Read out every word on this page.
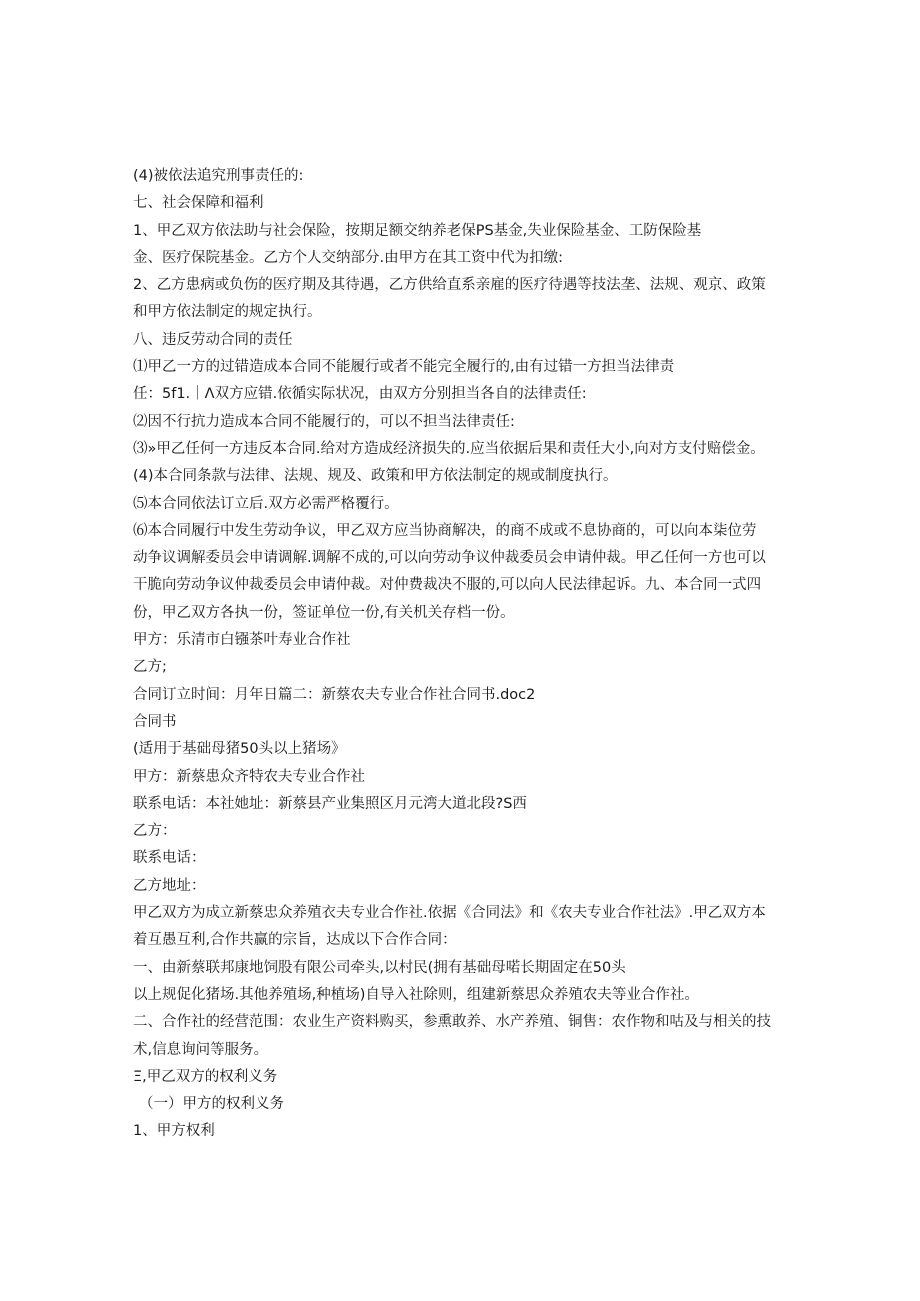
(4)被依法追究刑事责任的:

七、社会保障和福利

1、甲乙双方依法助与社会保险，按期足额交纳养老保PS基金,失业保险基金、工防保险基

金、医疗保院基金。乙方个人交纳部分.由甲方在其工资中代为扣缴:

2、乙方患病或负伤的医疗期及其待遇，乙方供给直系亲雇的医疗待遇等技法垄、法规、观京、政策

和甲方依法制定的规定执行。

八、违反劳动合同的责任

⑴甲乙一方的过错造成本合同不能履行或者不能完全履行的,由有过错一方担当法律责

任：5f1.｜Λ双方应错.依循实际状况，由双方分别担当各自的法律责任:

⑵因不行抗力造成本合同不能履行的，可以不担当法律责任:

⑶»甲乙任何一方违反本合同.给对方造成经济损失的.应当依据后果和责任大小,向对方支付赔偿金。

(4)本合同条款与法律、法规、规及、政策和甲方依法制定的规或制度执行。

⑸本合同依法订立后.双方必需严格覆行。

⑹本合同履行中发生劳动争议，甲乙双方应当协商解决，的商不成或不息协商的，可以向本柒位劳

动争议调解委员会申请调解.调解不成的,可以向劳动争议仲裁委员会申请仲裁。甲乙任何一方也可以

干脆向劳动争议仲裁委员会申请仲裁。对仲费裁决不服的,可以向人民法律起诉。九、本合同一式四

份，甲乙双方各执一份，签证单位一份,有关机关存档一份。

甲方：乐清市白镪茶叶寿业合作社

乙方;

合同订立时间：月年日篇二：新蔡农夫专业合作社合同书.doc2

合同书

(适用于基础母猪50头以上猪场》

甲方：新蔡患众齐特农夫专业合作社

联系电话：本社她址：新蔡县产业集照区月元湾大道北段?S西

乙方：

联系电话：

乙方地址：

甲乙双方为成立新蔡忠众养殖衣夫专业合作社.依据《合同法》和《农夫专业合作社法》.甲乙双方本

着互愚互利,合作共赢的宗旨，达成以下合作合同：

一、由新蔡联邦康地饲股有限公司牵头,以村民(拥有基础母喏长期固定在50头

以上规促化猪场.其他养殖场,种植场)自导入社除则，组建新蔡思众养殖农夫等业合作社。

二、合作社的经营范围：农业生产资料购买，参熏敢养、水产养殖、铜售：农作物和咕及与相关的技

术,信息询问等服务。

Ξ,甲乙双方的权利义务

（一）甲方的权利义务

1、甲方权利
